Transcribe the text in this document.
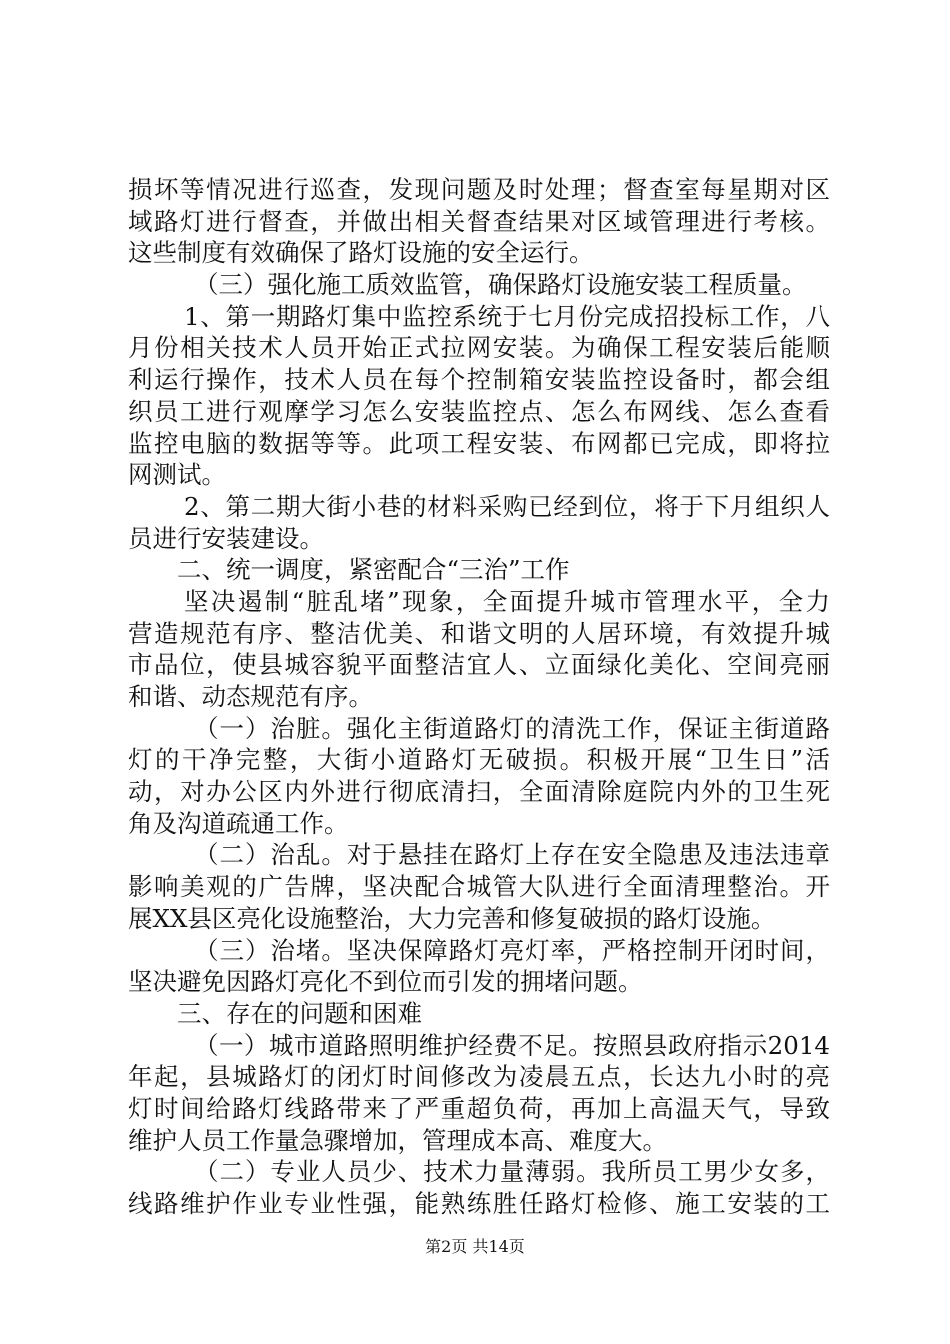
损坏等情况进行巡查，发现问题及时处理；督查室每星期对区
域路灯进行督查，并做出相关督查结果对区域管理进行考核。
这些制度有效确保了路灯设施的安全运行。
（三）强化施工质效监管，确保路灯设施安装工程质量。
1、第一期路灯集中监控系统于七月份完成招投标工作，八
月份相关技术人员开始正式拉网安装。为确保工程安装后能顺
利运行操作，技术人员在每个控制箱安装监控设备时，都会组
织员工进行观摩学习怎么安装监控点、怎么布网线、怎么查看
监控电脑的数据等等。此项工程安装、布网都已完成，即将拉
网测试。
2、第二期大街小巷的材料采购已经到位，将于下月组织人
员进行安装建设。
二、统一调度，紧密配合“三治”工作
坚决遏制“脏乱堵”现象，全面提升城市管理水平，全力
营造规范有序、整洁优美、和谐文明的人居环境，有效提升城
市品位，使县城容貌平面整洁宜人、立面绿化美化、空间亮丽
和谐、动态规范有序。
（一）治脏。强化主街道路灯的清洗工作，保证主街道路
灯的干净完整，大街小道路灯无破损。积极开展“卫生日”活
动，对办公区内外进行彻底清扫，全面清除庭院内外的卫生死
角及沟道疏通工作。
（二）治乱。对于悬挂在路灯上存在安全隐患及违法违章
影响美观的广告牌，坚决配合城管大队进行全面清理整治。开
展XX县区亮化设施整治，大力完善和修复破损的路灯设施。
（三）治堵。坚决保障路灯亮灯率，严格控制开闭时间，
坚决避免因路灯亮化不到位而引发的拥堵问题。
三、存在的问题和困难
（一）城市道路照明维护经费不足。按照县政府指示2014
年起，县城路灯的闭灯时间修改为凌晨五点，长达九小时的亮
灯时间给路灯线路带来了严重超负荷，再加上高温天气，导致
维护人员工作量急骤增加，管理成本高、难度大。
（二）专业人员少、技术力量薄弱。我所员工男少女多，
线路维护作业专业性强，能熟练胜任路灯检修、施工安装的工
第2页 共14页
